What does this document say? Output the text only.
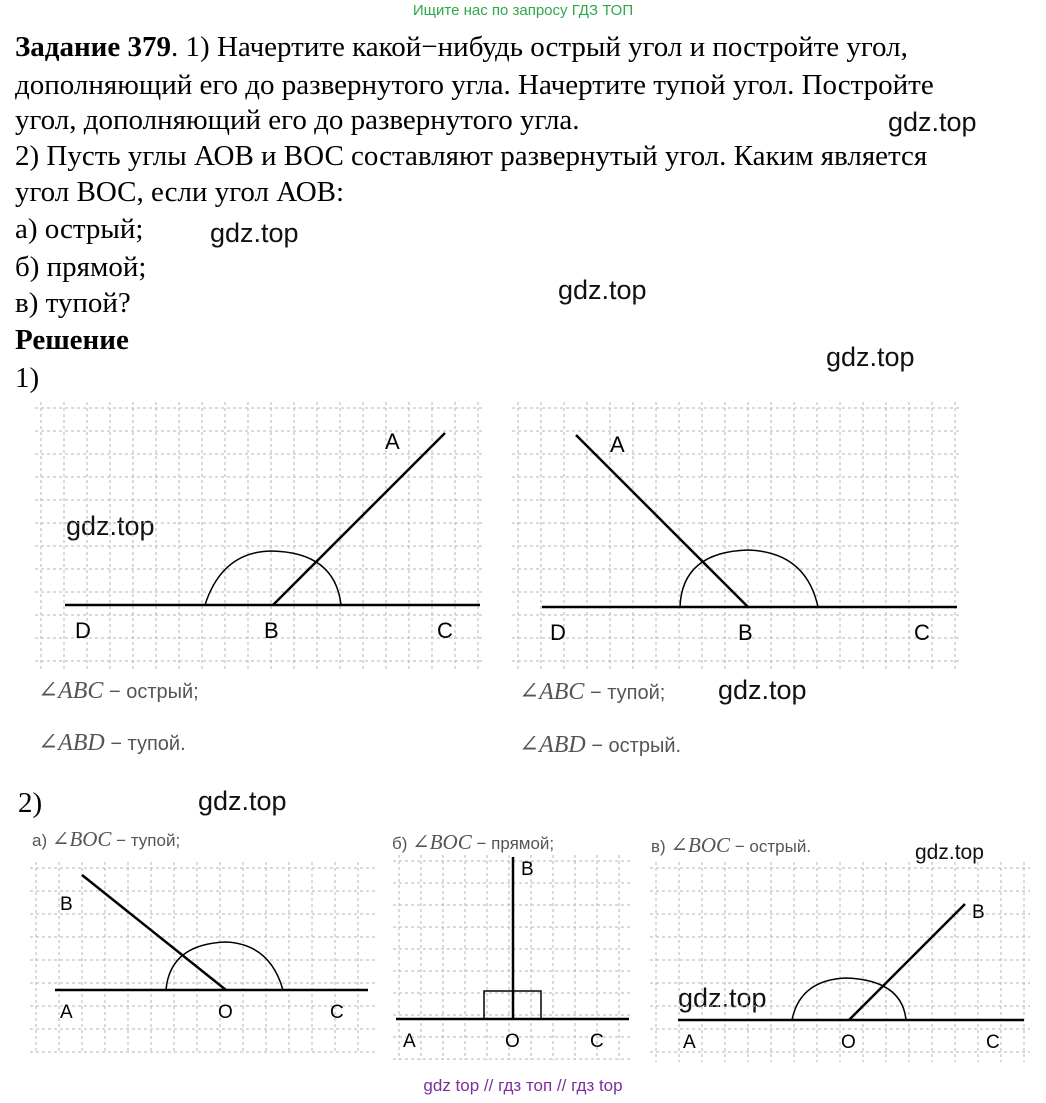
Ищите нас по запросу ГДЗ ТОП
Задание 379. 1) Начертите какой−нибудь острый угол и постройте угол,
дополняющий его до развернутого угла. Начертите тупой угол. Постройте
угол, дополняющий его до развернутого угла.
2) Пусть углы АОВ и ВОС составляют развернутый угол. Каким является
угол ВОС, если угол АОВ:
а) острый;
б) прямой;
в) тупой?
Решение
1)
2)
gdz.top
gdz.top
gdz.top
gdz.top
gdz.top
gdz.top
gdz.top
gdz.top
gdz.top
A
D	B	C
∠ABC − острый;
∠ABD − тупой.
A
D	B	C
∠ABC − тупой;
∠ABD − острый.
а) ∠BOC − тупой;	б) ∠BOC − прямой;	в) ∠BOC − острый.
B
A	O	C
B
A	O	C
B
A	O	C
gdz top // гдз топ // гдз top
